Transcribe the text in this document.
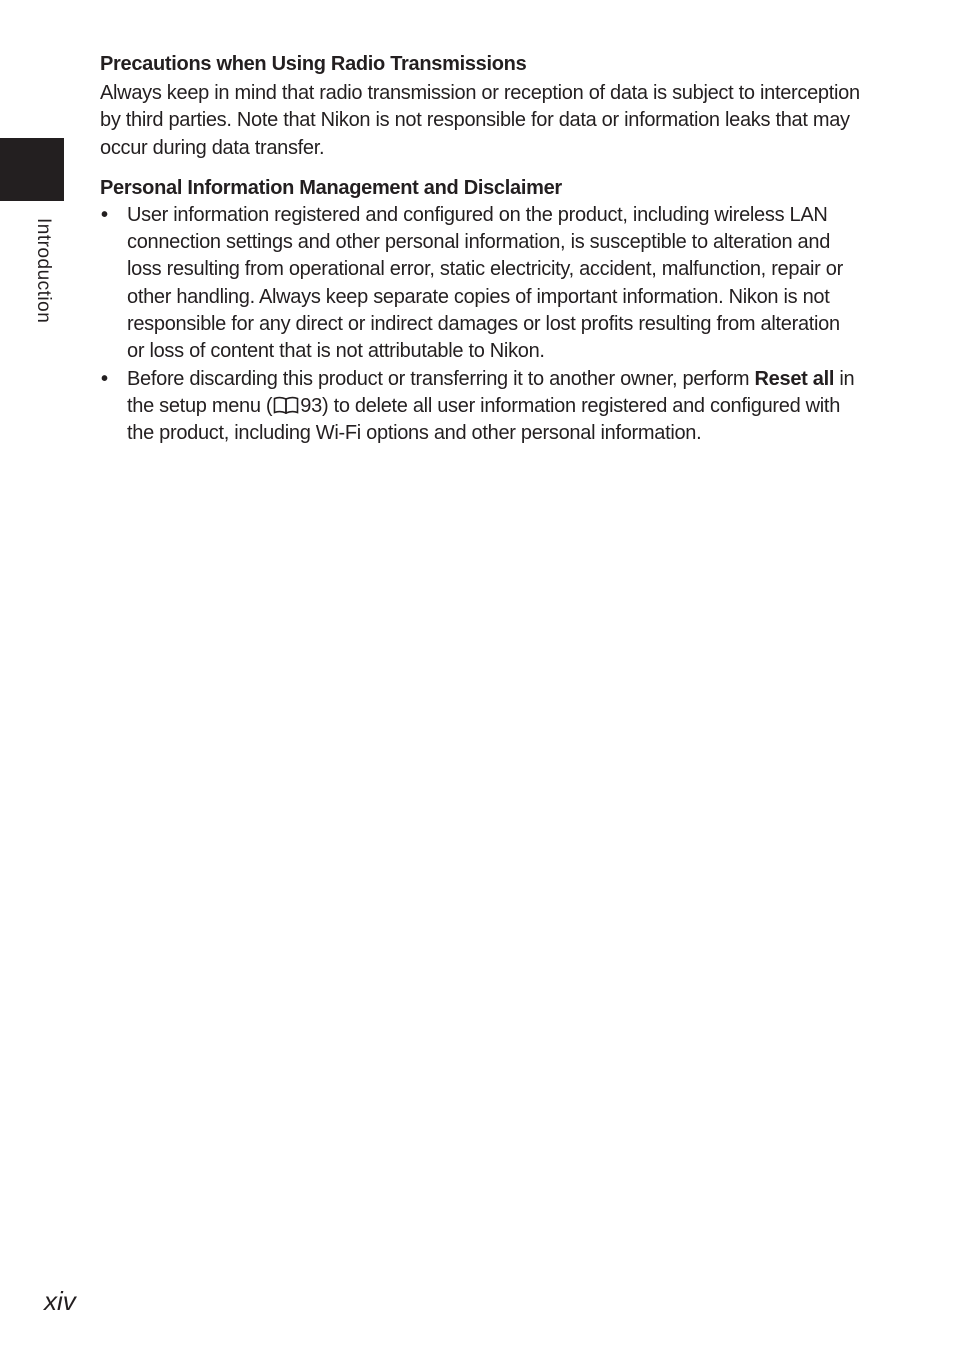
Introduction
Precautions when Using Radio Transmissions

Always keep in mind that radio transmission or reception of data is subject to interception by third parties. Note that Nikon is not responsible for data or information leaks that may occur during data transfer.

Personal Information Management and Disclaimer
• User information registered and configured on the product, including wireless LAN connection settings and other personal information, is susceptible to alteration and loss resulting from operational error, static electricity, accident, malfunction, repair or other handling. Always keep separate copies of important information. Nikon is not responsible for any direct or indirect damages or lost profits resulting from alteration or loss of content that is not attributable to Nikon.
• Before discarding this product or transferring it to another owner, perform Reset all in the setup menu ( 93) to delete all user information registered and configured with the product, including Wi-Fi options and other personal information.
xiv
